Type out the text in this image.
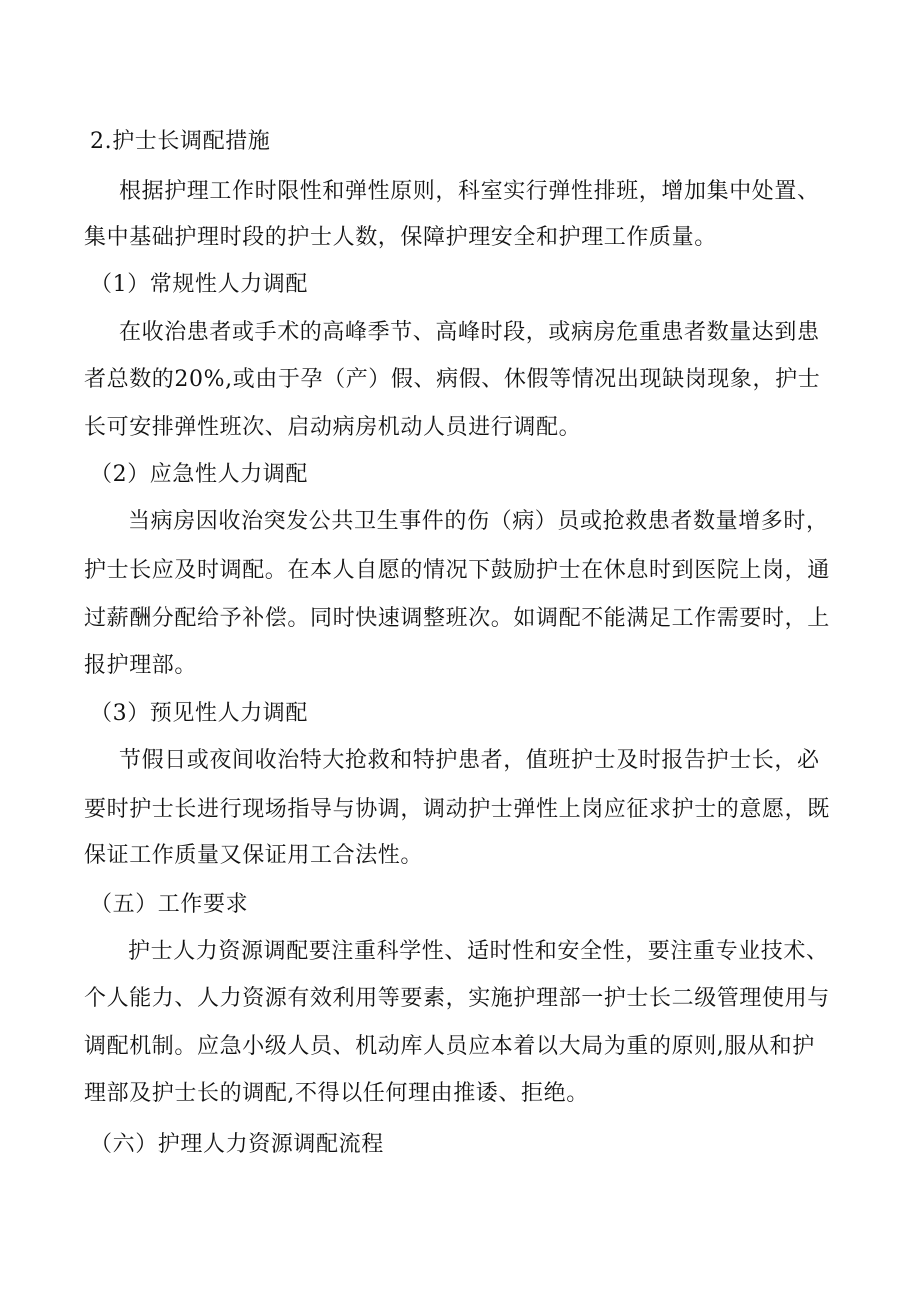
2.护士长调配措施
根据护理工作时限性和弹性原则，科室实行弹性排班，增加集中处置、
集中基础护理时段的护士人数，保障护理安全和护理工作质量。
（1）常规性人力调配
在收治患者或手术的高峰季节、高峰时段，或病房危重患者数量达到患
者总数的20%,或由于孕（产）假、病假、休假等情况出现缺岗现象，护士
长可安排弹性班次、启动病房机动人员进行调配。
（2）应急性人力调配
当病房因收治突发公共卫生事件的伤（病）员或抢救患者数量增多时，
护士长应及时调配。在本人自愿的情况下鼓励护士在休息时到医院上岗，通
过薪酬分配给予补偿。同时快速调整班次。如调配不能满足工作需要时，上
报护理部。
（3）预见性人力调配
节假日或夜间收治特大抢救和特护患者，值班护士及时报告护士长，必
要时护士长进行现场指导与协调，调动护士弹性上岗应征求护士的意愿，既
保证工作质量又保证用工合法性。
（五）工作要求
护士人力资源调配要注重科学性、适时性和安全性，要注重专业技术、
个人能力、人力资源有效利用等要素，实施护理部一护士长二级管理使用与
调配机制。应急小级人员、机动库人员应本着以大局为重的原则,服从和护
理部及护士长的调配,不得以任何理由推诿、拒绝。
（六）护理人力资源调配流程
